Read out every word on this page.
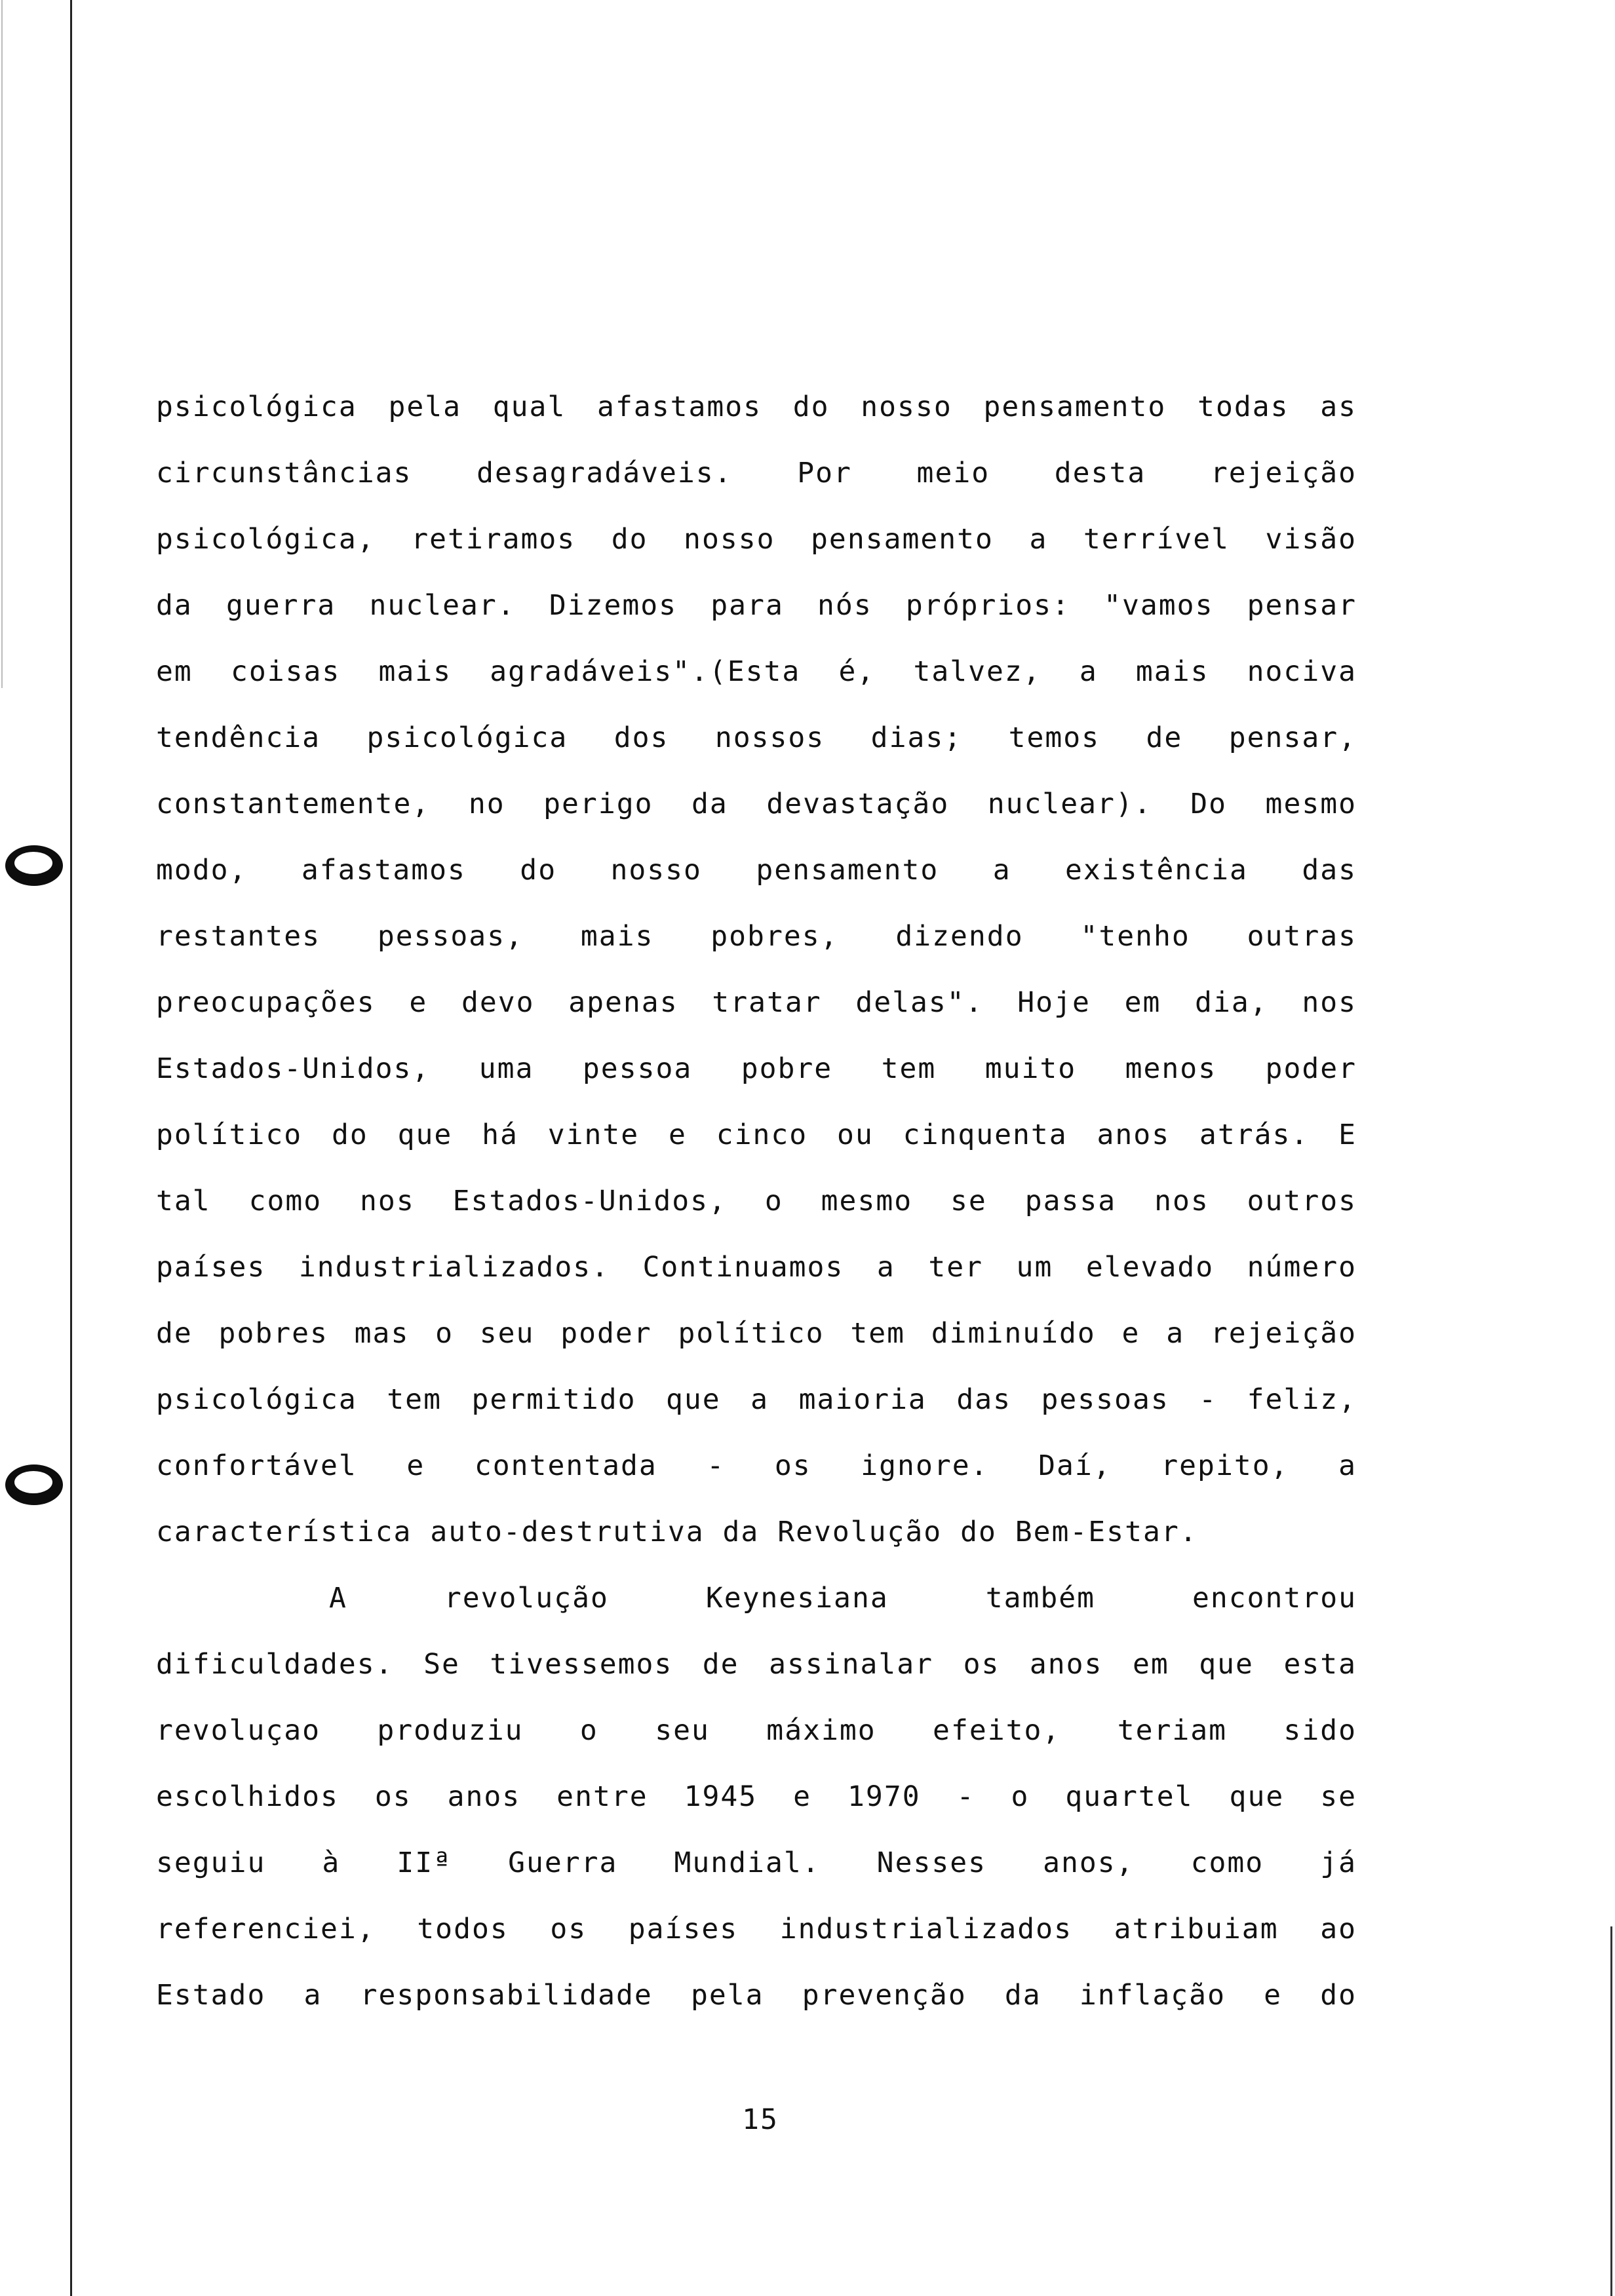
psicológica pela qual afastamos do nosso pensamento todas as
circunstâncias desagradáveis. Por meio desta rejeição
psicológica, retiramos do nosso pensamento a terrível visão
da guerra nuclear. Dizemos para nós próprios: "vamos pensar
em coisas mais agradáveis".(Esta é, talvez, a mais nociva
tendência psicológica dos nossos dias; temos de pensar,
constantemente, no perigo da devastação nuclear). Do mesmo
modo, afastamos do nosso pensamento a existência das
restantes pessoas, mais pobres, dizendo "tenho outras
preocupações e devo apenas tratar delas". Hoje em dia, nos
Estados-Unidos, uma pessoa pobre tem muito menos poder
político do que há vinte e cinco ou cinquenta anos atrás. E
tal como nos Estados-Unidos, o mesmo se passa nos outros
países industrializados. Continuamos a ter um elevado número
de pobres mas o seu poder político tem diminuído e a rejeição
psicológica tem permitido que a maioria das pessoas - feliz,
confortável e contentada - os ignore. Daí, repito, a
característica auto-destrutiva da Revolução do Bem-Estar.
A revolução Keynesiana também encontrou
dificuldades. Se tivessemos de assinalar os anos em que esta
revoluçao produziu o seu máximo efeito, teriam sido
escolhidos os anos entre 1945 e 1970 - o quartel que se
seguiu à IIª Guerra Mundial. Nesses anos, como já
referenciei, todos os países industrializados atribuiam ao
Estado a responsabilidade pela prevenção da inflação e do
15
